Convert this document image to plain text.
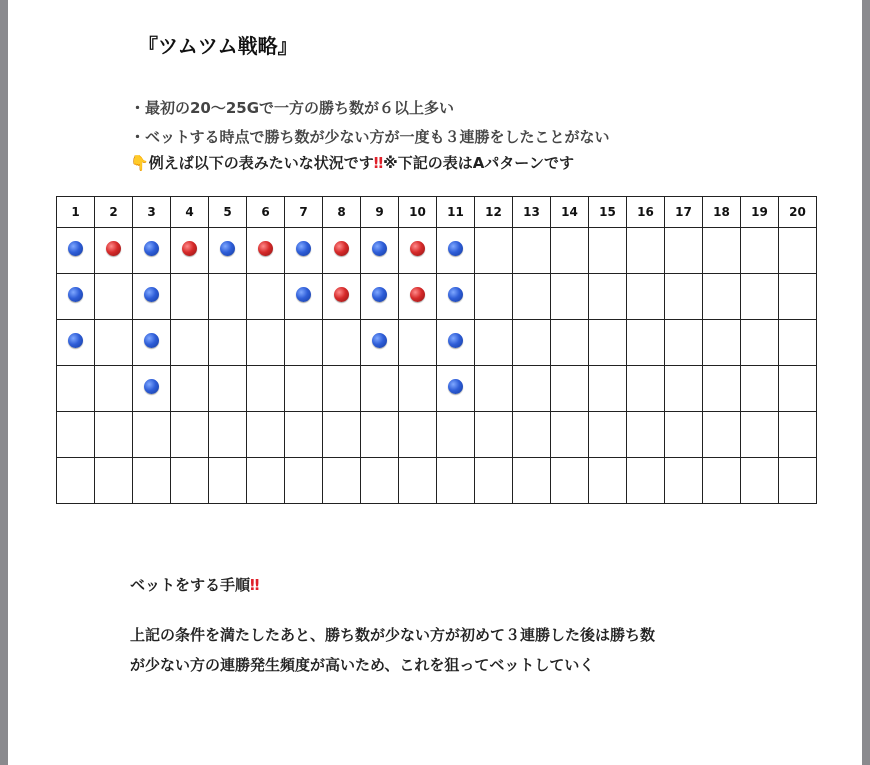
『ツムツム戦略』
・最初の20〜25Gで一方の勝ち数が６以上多い
・ベットする時点で勝ち数が少ない方が一度も３連勝をしたことがない
👇例えば以下の表みたいな状況です‼※下記の表はAパターンです
1	2	3	4	5	6	7	8	9	10	11	12	13	14	15	16	17	18	19	20

ベットをする手順‼
上記の条件を満たしたあと、勝ち数が少ない方が初めて３連勝した後は勝ち数
が少ない方の連勝発生頻度が高いため、これを狙ってベットしていく
